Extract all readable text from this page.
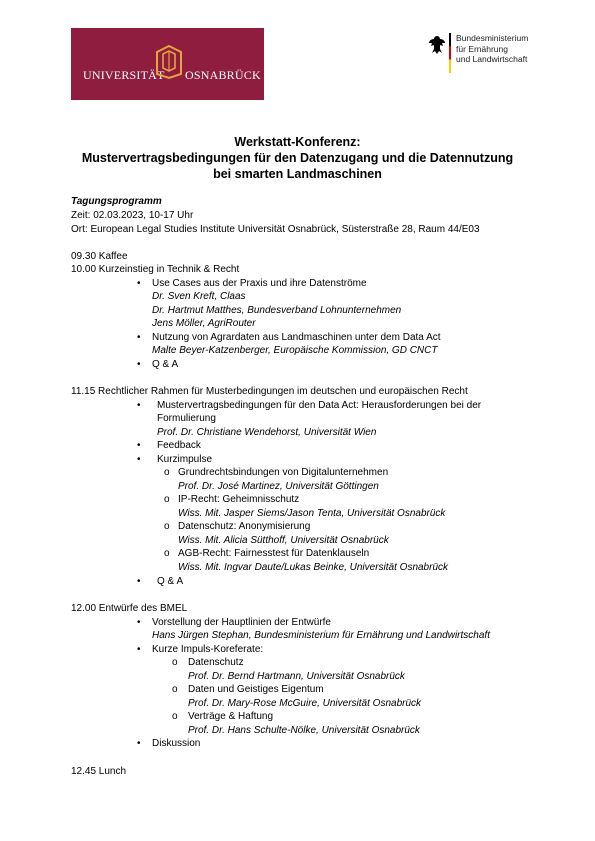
UNIVERSITÄT OSNABRÜCK
Bundesministerium
für Ernährung
und Landwirtschaft
Werkstatt-Konferenz:
Mustervertragsbedingungen für den Datenzugang und die Datennutzung
bei smarten Landmaschinen
Tagungsprogramm
Zeit: 02.03.2023, 10-17 Uhr
Ort: European Legal Studies Institute Universität Osnabrück, Süsterstraße 28, Raum 44/E03
09.30 Kaffee
10.00 Kurzeinstieg in Technik & Recht
• Use Cases aus der Praxis und ihre Datenströme
Dr. Sven Kreft, Claas
Dr. Hartmut Matthes, Bundesverband Lohnunternehmen
Jens Möller, AgriRouter
• Nutzung von Agrardaten aus Landmaschinen unter dem Data Act
Malte Beyer-Katzenberger, Europäische Kommission, GD CNCT
• Q & A
11.15 Rechtlicher Rahmen für Musterbedingungen im deutschen und europäischen Recht
• Mustervertragsbedingungen für den Data Act: Herausforderungen bei der
Formulierung
Prof. Dr. Christiane Wendehorst, Universität Wien
• Feedback
• Kurzimpulse
o Grundrechtsbindungen von Digitalunternehmen
Prof. Dr. José Martinez, Universität Göttingen
o IP-Recht: Geheimnisschutz
Wiss. Mit. Jasper Siems/Jason Tenta, Universität Osnabrück
o Datenschutz: Anonymisierung
Wiss. Mit. Alicia Sütthoff, Universität Osnabrück
o AGB-Recht: Fairnesstest für Datenklauseln
Wiss. Mit. Ingvar Daute/Lukas Beinke, Universität Osnabrück
• Q & A
12.00 Entwürfe des BMEL
• Vorstellung der Hauptlinien der Entwürfe
Hans Jürgen Stephan, Bundesministerium für Ernährung und Landwirtschaft
• Kurze Impuls-Koreferate:
o Datenschutz
Prof. Dr. Bernd Hartmann, Universität Osnabrück
o Daten und Geistiges Eigentum
Prof. Dr. Mary-Rose McGuire, Universität Osnabrück
o Verträge & Haftung
Prof. Dr. Hans Schulte-Nölke, Universität Osnabrück
• Diskussion
12.45 Lunch
